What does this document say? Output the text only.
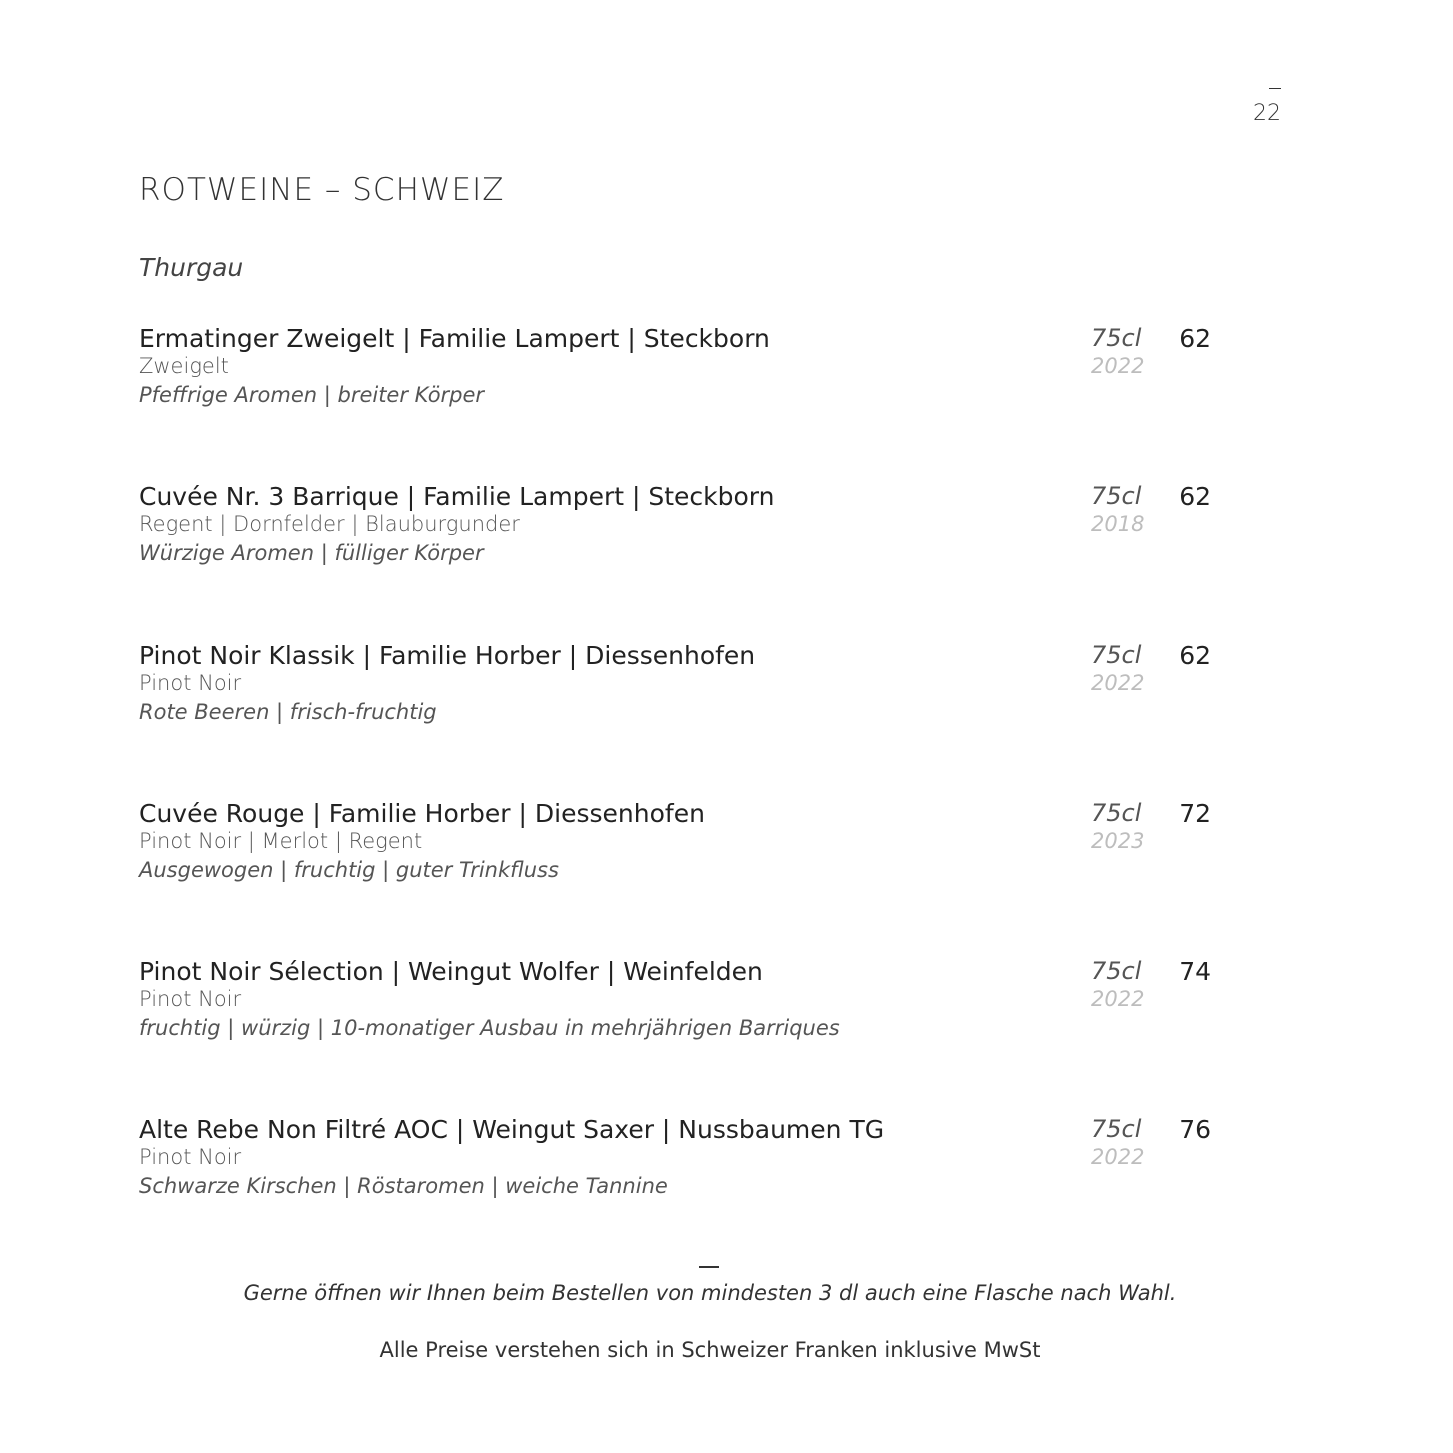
22
ROTWEINE – SCHWEIZ
Thurgau
Ermatinger Zweigelt | Familie Lampert | Steckborn
Zweigelt
Pfeffrige Aromen | breiter Körper
75cl
2022
62
Cuvée Nr. 3 Barrique | Familie Lampert | Steckborn
Regent | Dornfelder | Blauburgunder
Würzige Aromen | fülliger Körper
75cl
2018
62
Pinot Noir Klassik | Familie Horber | Diessenhofen
Pinot Noir
Rote Beeren | frisch-fruchtig
75cl
2022
62
Cuvée Rouge | Familie Horber | Diessenhofen
Pinot Noir | Merlot | Regent
Ausgewogen | fruchtig | guter Trinkfluss
75cl
2023
72
Pinot Noir Sélection | Weingut Wolfer | Weinfelden
Pinot Noir
fruchtig | würzig | 10-monatiger Ausbau in mehrjährigen Barriques
75cl
2022
74
Alte Rebe Non Filtré AOC | Weingut Saxer | Nussbaumen TG
Pinot Noir
Schwarze Kirschen | Röstaromen | weiche Tannine
75cl
2022
76
Gerne öffnen wir Ihnen beim Bestellen von mindesten 3 dl auch eine Flasche nach Wahl.
Alle Preise verstehen sich in Schweizer Franken inklusive MwSt
